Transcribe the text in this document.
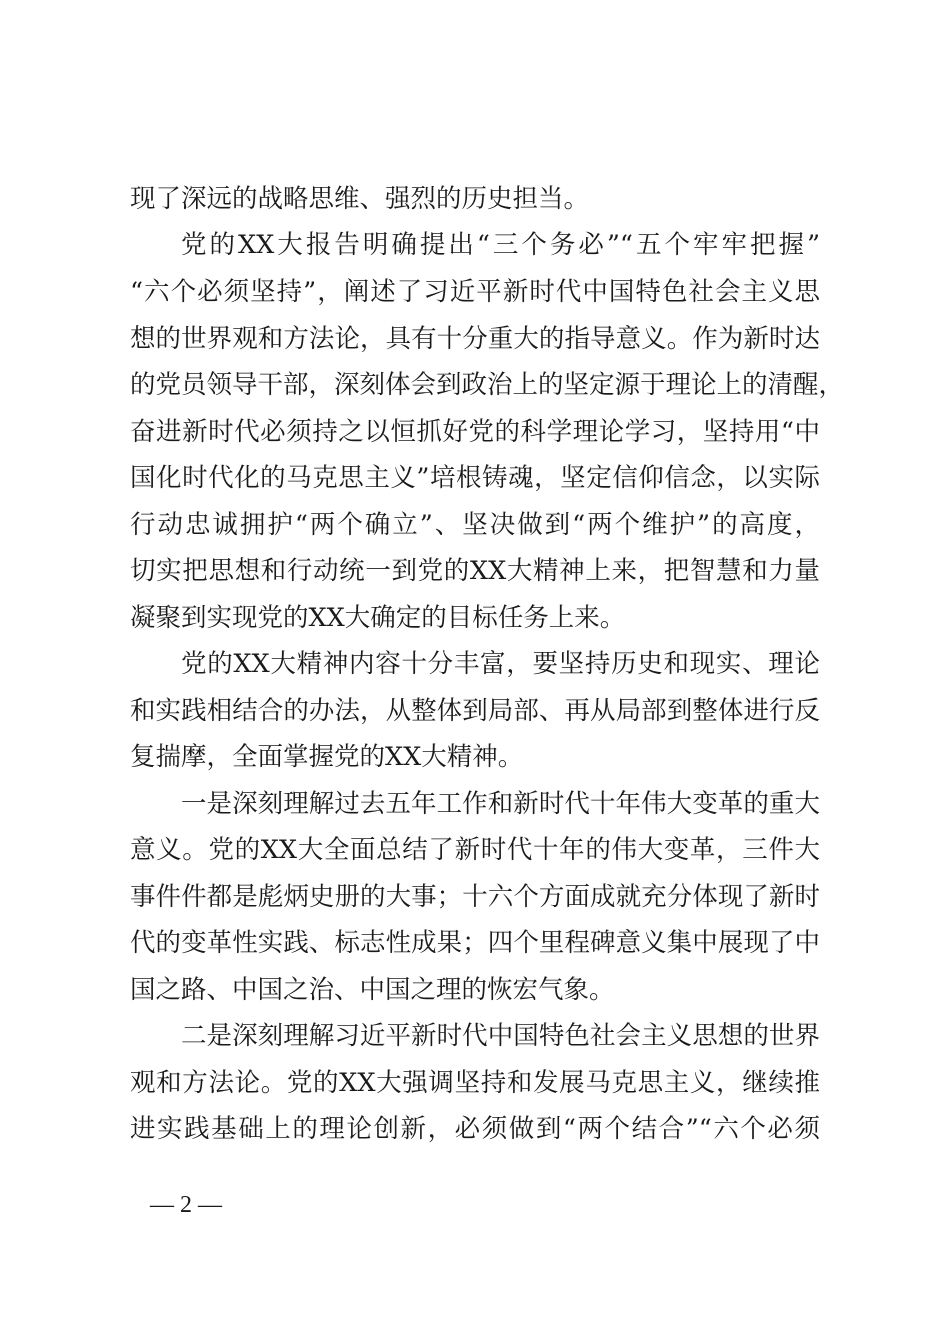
现了深远的战略思维、强烈的历史担当。
党的XX大报告明确提出“三个务必”“五个牢牢把握”
“六个必须坚持”，阐述了习近平新时代中国特色社会主义思
想的世界观和方法论，具有十分重大的指导意义。作为新时达
的党员领导干部，深刻体会到政治上的坚定源于理论上的清醒，
奋进新时代必须持之以恒抓好党的科学理论学习，坚持用“中
国化时代化的马克思主义”培根铸魂，坚定信仰信念，以实际
行动忠诚拥护“两个确立”、坚决做到“两个维护”的高度，
切实把思想和行动统一到党的XX大精神上来，把智慧和力量
凝聚到实现党的XX大确定的目标任务上来。
党的XX大精神内容十分丰富，要坚持历史和现实、理论
和实践相结合的办法，从整体到局部、再从局部到整体进行反
复揣摩，全面掌握党的XX大精神。
一是深刻理解过去五年工作和新时代十年伟大变革的重大
意义。党的XX大全面总结了新时代十年的伟大变革，三件大
事件件都是彪炳史册的大事；十六个方面成就充分体现了新时
代的变革性实践、标志性成果；四个里程碑意义集中展现了中
国之路、中国之治、中国之理的恢宏气象。
二是深刻理解习近平新时代中国特色社会主义思想的世界
观和方法论。党的XX大强调坚持和发展马克思主义，继续推
进实践基础上的理论创新，必须做到“两个结合”“六个必须
— 2 —
